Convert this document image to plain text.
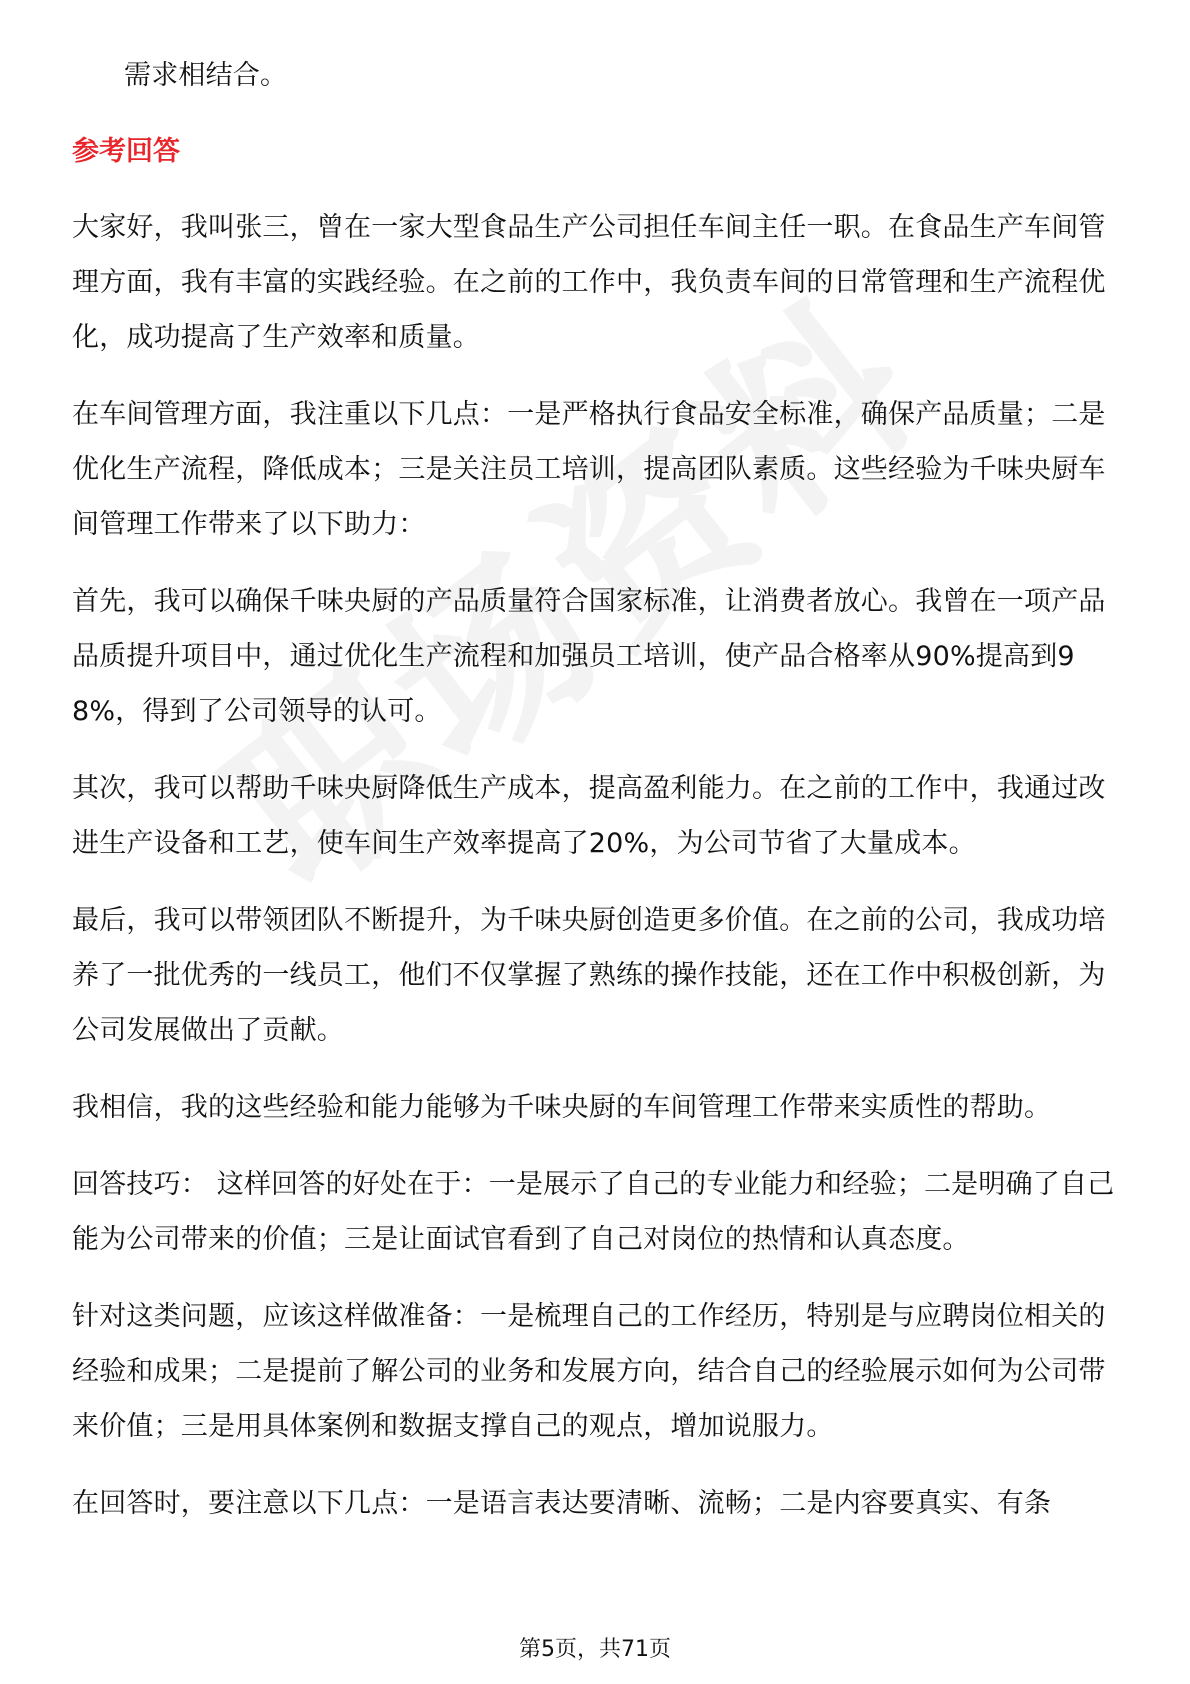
需求相结合。

参考回答

大家好，我叫张三，曾在一家大型食品生产公司担任车间主任一职。在食品生产车间管理方面，我有丰富的实践经验。在之前的工作中，我负责车间的日常管理和生产流程优化，成功提高了生产效率和质量。

在车间管理方面，我注重以下几点：一是严格执行食品安全标准，确保产品质量；二是优化生产流程，降低成本；三是关注员工培训，提高团队素质。这些经验为千味央厨车间管理工作带来了以下助力：

首先，我可以确保千味央厨的产品质量符合国家标准，让消费者放心。我曾在一项产品品质提升项目中，通过优化生产流程和加强员工培训，使产品合格率从90%提高到98%，得到了公司领导的认可。

其次，我可以帮助千味央厨降低生产成本，提高盈利能力。在之前的工作中，我通过改进生产设备和工艺，使车间生产效率提高了20%，为公司节省了大量成本。

最后，我可以带领团队不断提升，为千味央厨创造更多价值。在之前的公司，我成功培养了一批优秀的一线员工，他们不仅掌握了熟练的操作技能，还在工作中积极创新，为公司发展做出了贡献。

我相信，我的这些经验和能力能够为千味央厨的车间管理工作带来实质性的帮助。

回答技巧： 这样回答的好处在于：一是展示了自己的专业能力和经验；二是明确了自己能为公司带来的价值；三是让面试官看到了自己对岗位的热情和认真态度。

针对这类问题，应该这样做准备：一是梳理自己的工作经历，特别是与应聘岗位相关的经验和成果；二是提前了解公司的业务和发展方向，结合自己的经验展示如何为公司带来价值；三是用具体案例和数据支撑自己的观点，增加说服力。

在回答时，要注意以下几点：一是语言表达要清晰、流畅；二是内容要真实、有条

第5页，共71页
